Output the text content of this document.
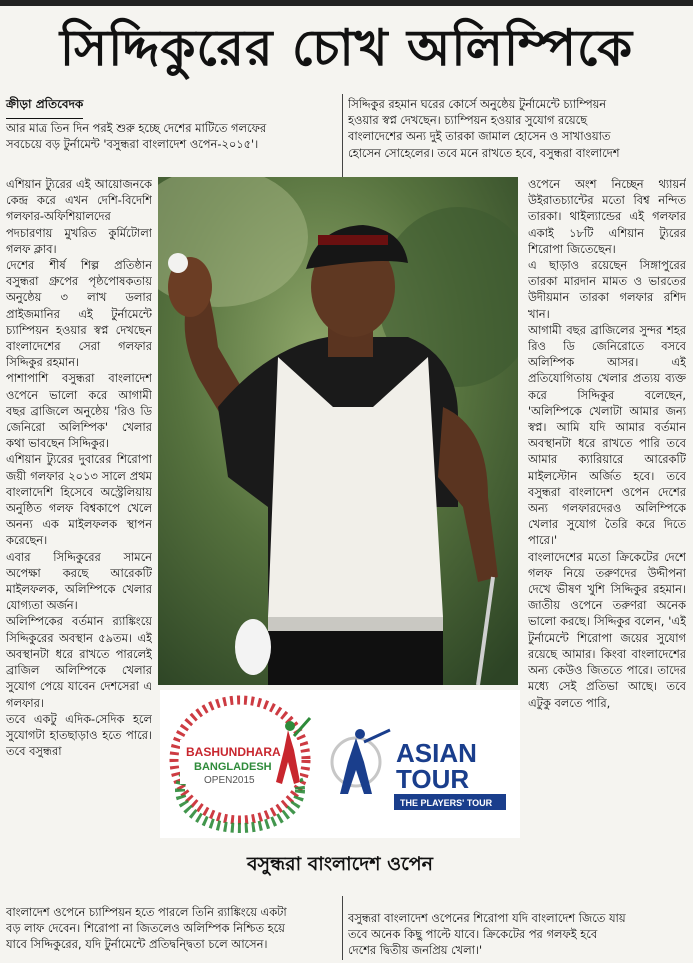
সিদ্দিকুরের চোখ অলিম্পিকে
ক্রীড়া প্রতিবেদক

আর মাত্র তিন দিন পরই শুরু হচ্ছে দেশের মাটিতে গলফের

সবচেয়ে বড় টুর্নামেন্ট 'বসুন্ধরা বাংলাদেশ ওপেন-২০১৫'।

সিদ্দিকুর রহমান ঘরের কোর্সে অনুষ্ঠেয় টুর্নামেন্টে চ্যাম্পিয়ন

হওয়ার স্বপ্ন দেখছেন। চ্যাম্পিয়ন হওয়ার সুযোগ রয়েছে

বাংলাদেশের অন্য দুই তারকা জামাল হোসেন ও সাখাওয়াত

হোসেন সোহেলের। তবে মনে রাখতে হবে, বসুন্ধরা বাংলাদেশ

এশিয়ান ট্যুরের এই আয়োজনকে কেন্দ্র করে এখন দেশি-বিদেশি গলফার-অফিশিয়ালদের পদচারণায় মুখরিত কুর্মিটোলা গলফ ক্লাব।

দেশের শীর্ষ শিল্প প্রতিষ্ঠান বসুন্ধরা গ্রুপের পৃষ্ঠপোষকতায় অনুষ্ঠেয় ৩ লাখ ডলার প্রাইজমানির এই টুর্নামেন্টে চ্যাম্পিয়ন হওয়ার স্বপ্ন দেখছেন বাংলাদেশের সেরা গলফার সিদ্দিকুর রহমান।

পাশাপাশি বসুন্ধরা বাংলাদেশ ওপেনে ভালো করে আগামী বছর ব্রাজিলে অনুষ্ঠেয় 'রিও ডি জেনিরো অলিম্পিক' খেলার কথা ভাবছেন সিদ্দিকুর।

এশিয়ান ট্যুরের দুবারের শিরোপা জয়ী গলফার ২০১৩ সালে প্রথম বাংলাদেশি হিসেবে অস্ট্রেলিয়ায় অনুষ্ঠিত গলফ বিশ্বকাপে খেলে অনন্য এক মাইলফলক স্থাপন করেছেন।

এবার সিদ্দিকুরের সামনে অপেক্ষা করছে আরেকটি মাইলফলক, অলিম্পিকে খেলার যোগ্যতা অর্জন।

অলিম্পিকের বর্তমান র‌্যাঙ্কিংয়ে সিদ্দিকুরের অবস্থান ৫৯তম। এই অবস্থানটা ধরে রাখতে পারলেই ব্রাজিল অলিম্পিকে খেলার সুযোগ পেয়ে যাবেন দেশসেরা এ গলফার।

তবে একটু এদিক-সেদিক হলে সুযোগটা হাতছাড়াও হতে পারে। তবে বসুন্ধরা

ওপেনে অংশ নিচ্ছেন থ্যায়র্ন উইরাতচ্যান্টের মতো বিশ্ব নন্দিত তারকা। থাইল্যান্ডের এই গলফার একাই ১৮টি এশিয়ান ট্যুরের শিরোপা জিতেছেন।

এ ছাড়াও রয়েছেন সিঙ্গাপুরের তারকা মারদান মামত ও ভারতের উদীয়মান তারকা গলফার রশিদ খান।

আগামী বছর ব্রাজিলের সুন্দর শহর রিও ডি জেনিরোতে বসবে অলিম্পিক আসর। এই প্রতিযোগিতায় খেলার প্রত্যয় ব্যক্ত করে সিদ্দিকুর বলেছেন, 'অলিম্পিকে খেলাটা আমার জন্য স্বপ্ন। আমি যদি আমার বর্তমান অবস্থানটা ধরে রাখতে পারি তবে আমার ক্যারিয়ারে আরেকটি মাইলস্টোন অর্জিত হবে। তবে বসুন্ধরা বাংলাদেশ ওপেন দেশের অন্য গলফারদেরও অলিম্পিকে খেলার সুযোগ তৈরি করে দিতে পারে।'

বাংলাদেশের মতো ক্রিকেটের দেশে গলফ নিয়ে তরুণদের উদ্দীপনা দেখে ভীষণ খুশি সিদ্দিকুর রহমান। জাতীয় ওপেনে তরুণরা অনেক ভালো করছে। সিদ্দিকুর বলেন, 'এই টুর্নামেন্টে শিরোপা জয়ের সুযোগ রয়েছে আমার। কিংবা বাংলাদেশের অন্য কেউও জিততে পারে। তাদের মধ্যে সেই প্রতিভা আছে। তবে এটুকু বলতে পারি,

BASHUNDHARA
BANGLADESH
OPEN2015
ASIAN
TOUR
THE PLAYERS' TOUR
বসুন্ধরা বাংলাদেশ ওপেন
বাংলাদেশ ওপেনে চ্যাম্পিয়ন হতে পারলে তিনি র‌্যাঙ্কিংয়ে একটা
বড় লাফ দেবেন। শিরোপা না জিতলেও অলিম্পিক নিশ্চিত হয়ে
যাবে সিদ্দিকুরের, যদি টুর্নামেন্টে প্রতিদ্বন্দ্বিতা চলে আসেন।
বসুন্ধরা বাংলাদেশ ওপেনের শিরোপা যদি বাংলাদেশ জিতে যায়
তবে অনেক কিছু পাল্টে যাবে। ক্রিকেটের পর গলফই হবে
দেশের দ্বিতীয় জনপ্রিয় খেলা।'
